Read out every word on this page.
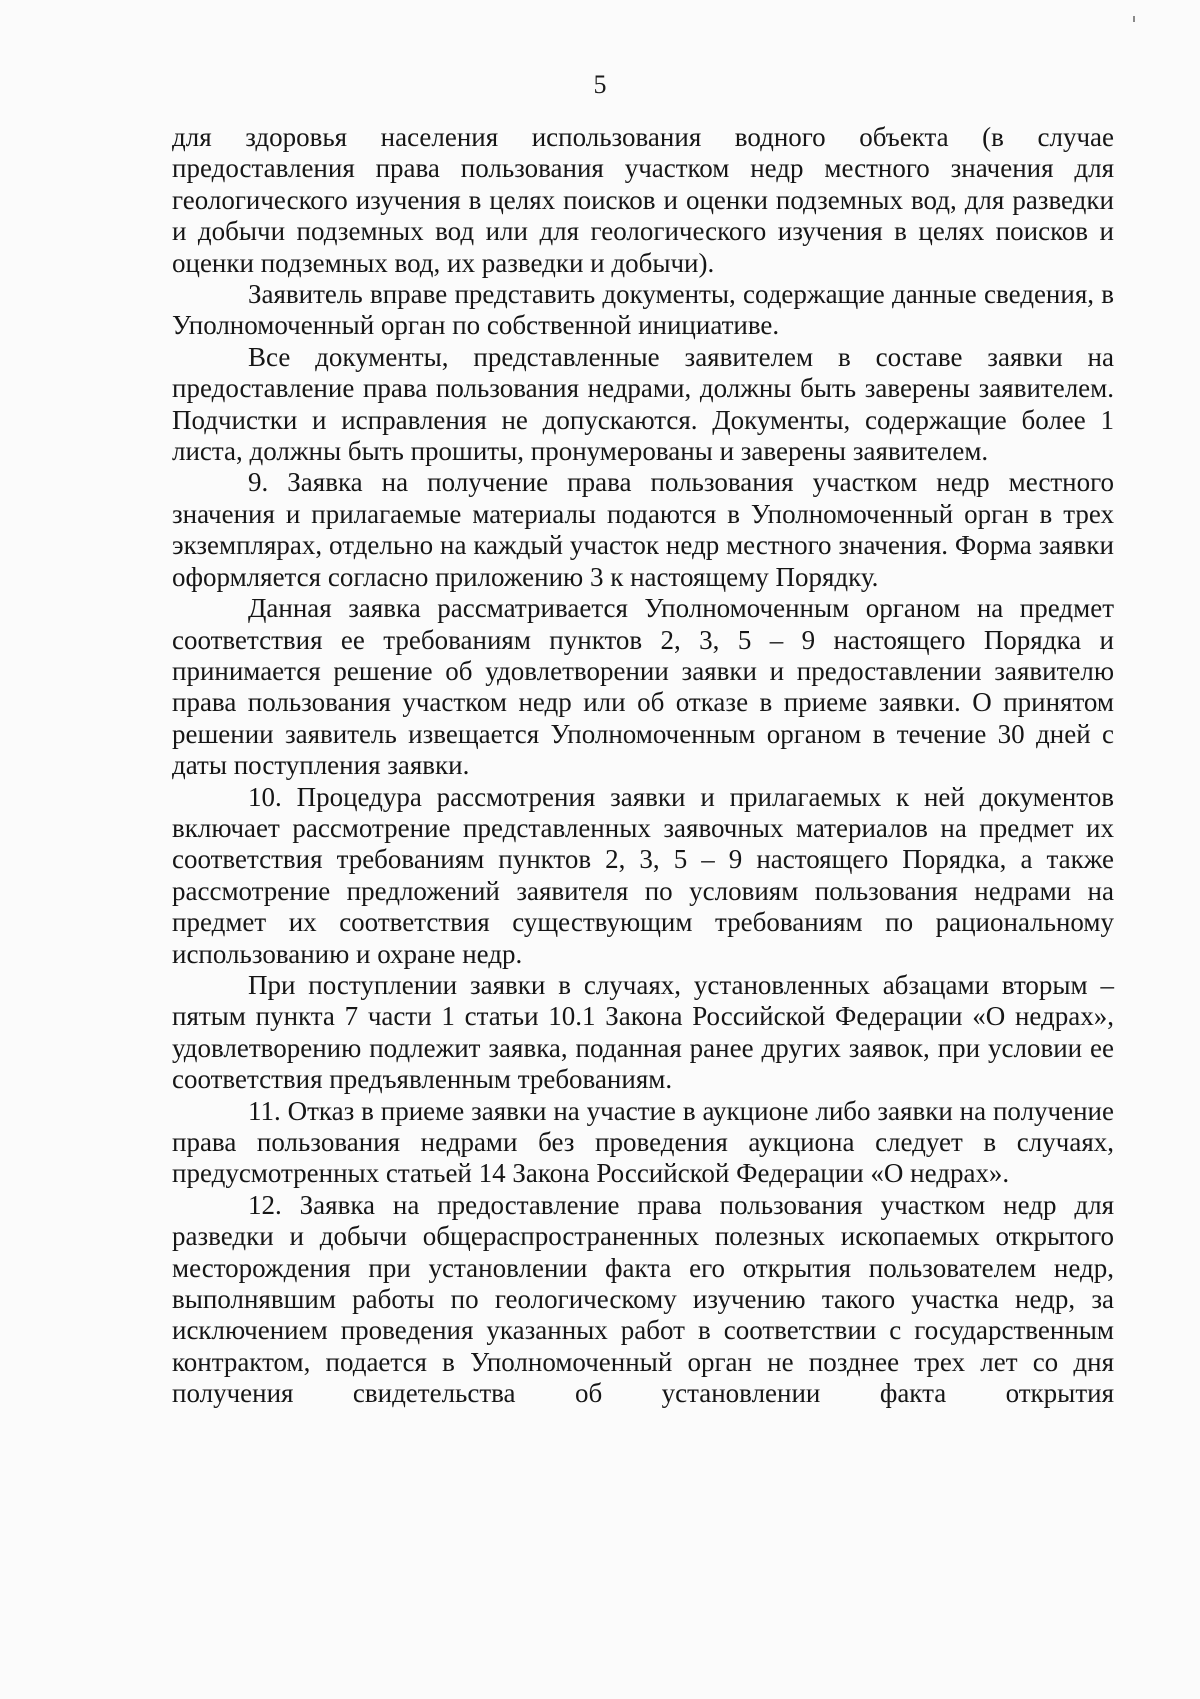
5

для здоровья населения использования водного объекта (в случае предоставления права пользования участком недр местного значения для геологического изучения в целях поисков и оценки подземных вод, для разведки и добычи подземных вод или для геологического изучения в целях поисков и оценки подземных вод, их разведки и добычи).

Заявитель вправе представить документы, содержащие данные сведения, в Уполномоченный орган по собственной инициативе.

Все документы, представленные заявителем в составе заявки на предоставление права пользования недрами, должны быть заверены заявителем. Подчистки и исправления не допускаются. Документы, содержащие более 1 листа, должны быть прошиты, пронумерованы и заверены заявителем.

9. Заявка на получение права пользования участком недр местного значения и прилагаемые материалы подаются в Уполномоченный орган в трех экземплярах, отдельно на каждый участок недр местного значения. Форма заявки оформляется согласно приложению 3 к настоящему Порядку.

Данная заявка рассматривается Уполномоченным органом на предмет соответствия ее требованиям пунктов 2, 3, 5 – 9 настоящего Порядка и принимается решение об удовлетворении заявки и предоставлении заявителю права пользования участком недр или об отказе в приеме заявки. О принятом решении заявитель извещается Уполномоченным органом в течение 30 дней с даты поступления заявки.

10. Процедура рассмотрения заявки и прилагаемых к ней документов включает рассмотрение представленных заявочных материалов на предмет их соответствия требованиям пунктов 2, 3, 5 – 9 настоящего Порядка, а также рассмотрение предложений заявителя по условиям пользования недрами на предмет их соответствия существующим требованиям по рациональному использованию и охране недр.

При поступлении заявки в случаях, установленных абзацами вторым – пятым пункта 7 части 1 статьи 10.1 Закона Российской Федерации «О недрах», удовлетворению подлежит заявка, поданная ранее других заявок, при условии ее соответствия предъявленным требованиям.

11. Отказ в приеме заявки на участие в аукционе либо заявки на получение права пользования недрами без проведения аукциона следует в случаях, предусмотренных статьей 14 Закона Российской Федерации «О недрах».

12. Заявка на предоставление права пользования участком недр для разведки и добычи общераспространенных полезных ископаемых открытого месторождения при установлении факта его открытия пользователем недр, выполнявшим работы по геологическому изучению такого участка недр, за исключением проведения указанных работ в соответствии с государственным контрактом, подается в Уполномоченный орган не позднее трех лет со дня получения свидетельства об установлении факта открытия
